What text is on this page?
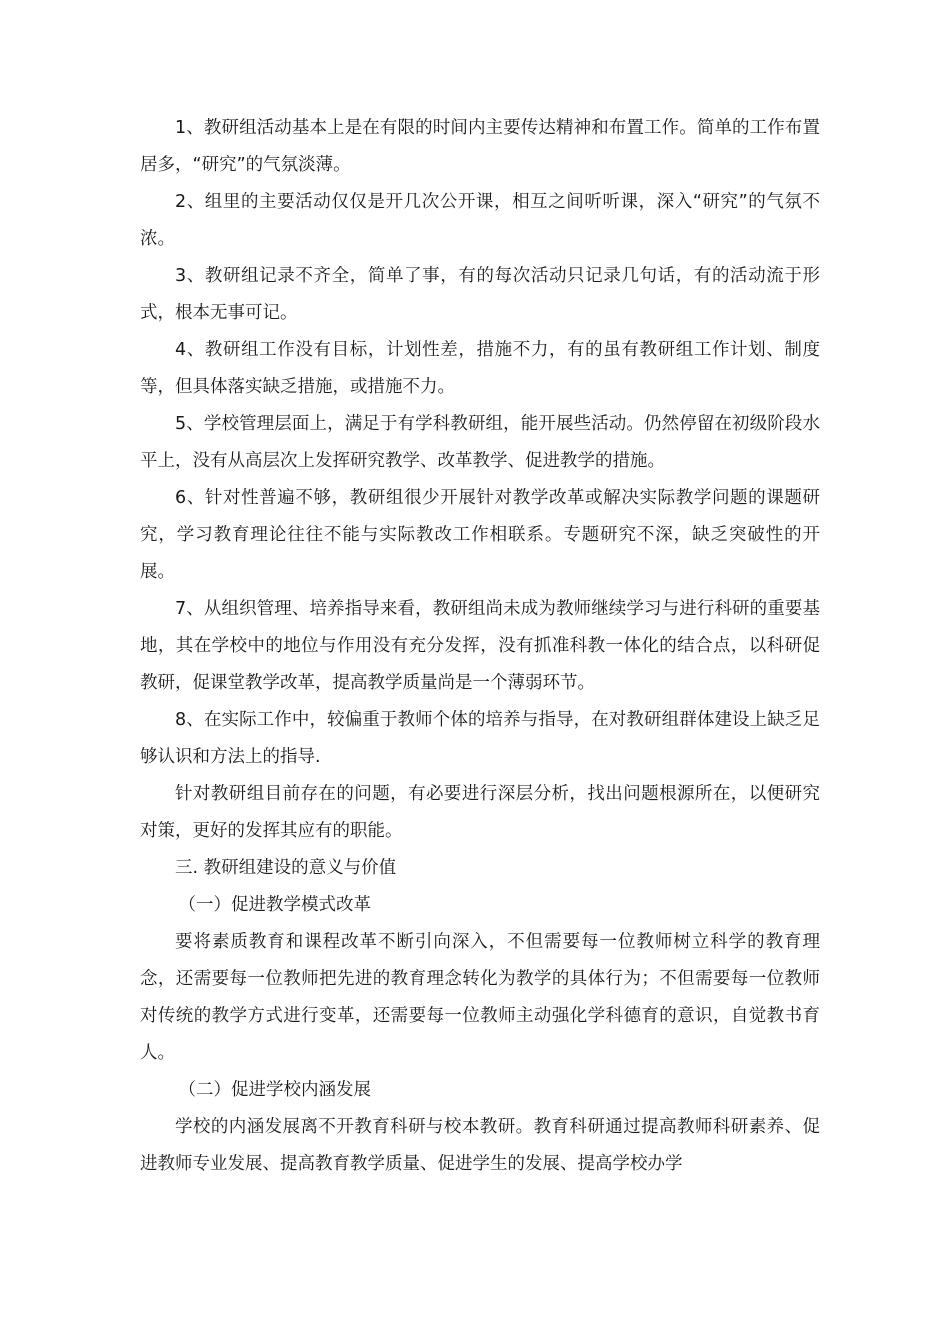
1、教研组活动基本上是在有限的时间内主要传达精神和布置工作。简单的工作布置居多，“研究”的气氛淡薄。

2、组里的主要活动仅仅是开几次公开课，相互之间听听课，深入“研究”的气氛不浓。

3、教研组记录不齐全，简单了事，有的每次活动只记录几句话，有的活动流于形式，根本无事可记。

4、教研组工作没有目标，计划性差，措施不力，有的虽有教研组工作计划、制度等，但具体落实缺乏措施，或措施不力。

5、学校管理层面上，满足于有学科教研组，能开展些活动。仍然停留在初级阶段水平上，没有从高层次上发挥研究教学、改革教学、促进教学的措施。

6、针对性普遍不够，教研组很少开展针对教学改革或解决实际教学问题的课题研究，学习教育理论往往不能与实际教改工作相联系。专题研究不深，缺乏突破性的开展。

7、从组织管理、培养指导来看，教研组尚未成为教师继续学习与进行科研的重要基地，其在学校中的地位与作用没有充分发挥，没有抓准科教一体化的结合点，以科研促教研，促课堂教学改革，提高教学质量尚是一个薄弱环节。

8、在实际工作中，较偏重于教师个体的培养与指导，在对教研组群体建设上缺乏足够认识和方法上的指导.

针对教研组目前存在的问题，有必要进行深层分析，找出问题根源所在，以便研究对策，更好的发挥其应有的职能。

三. 教研组建设的意义与价值

（一）促进教学模式改革

要将素质教育和课程改革不断引向深入，不但需要每一位教师树立科学的教育理念，还需要每一位教师把先进的教育理念转化为教学的具体行为；不但需要每一位教师对传统的教学方式进行变革，还需要每一位教师主动强化学科德育的意识，自觉教书育人。

（二）促进学校内涵发展

学校的内涵发展离不开教育科研与校本教研。教育科研通过提高教师科研素养、促进教师专业发展、提高教育教学质量、促进学生的发展、提高学校办学
